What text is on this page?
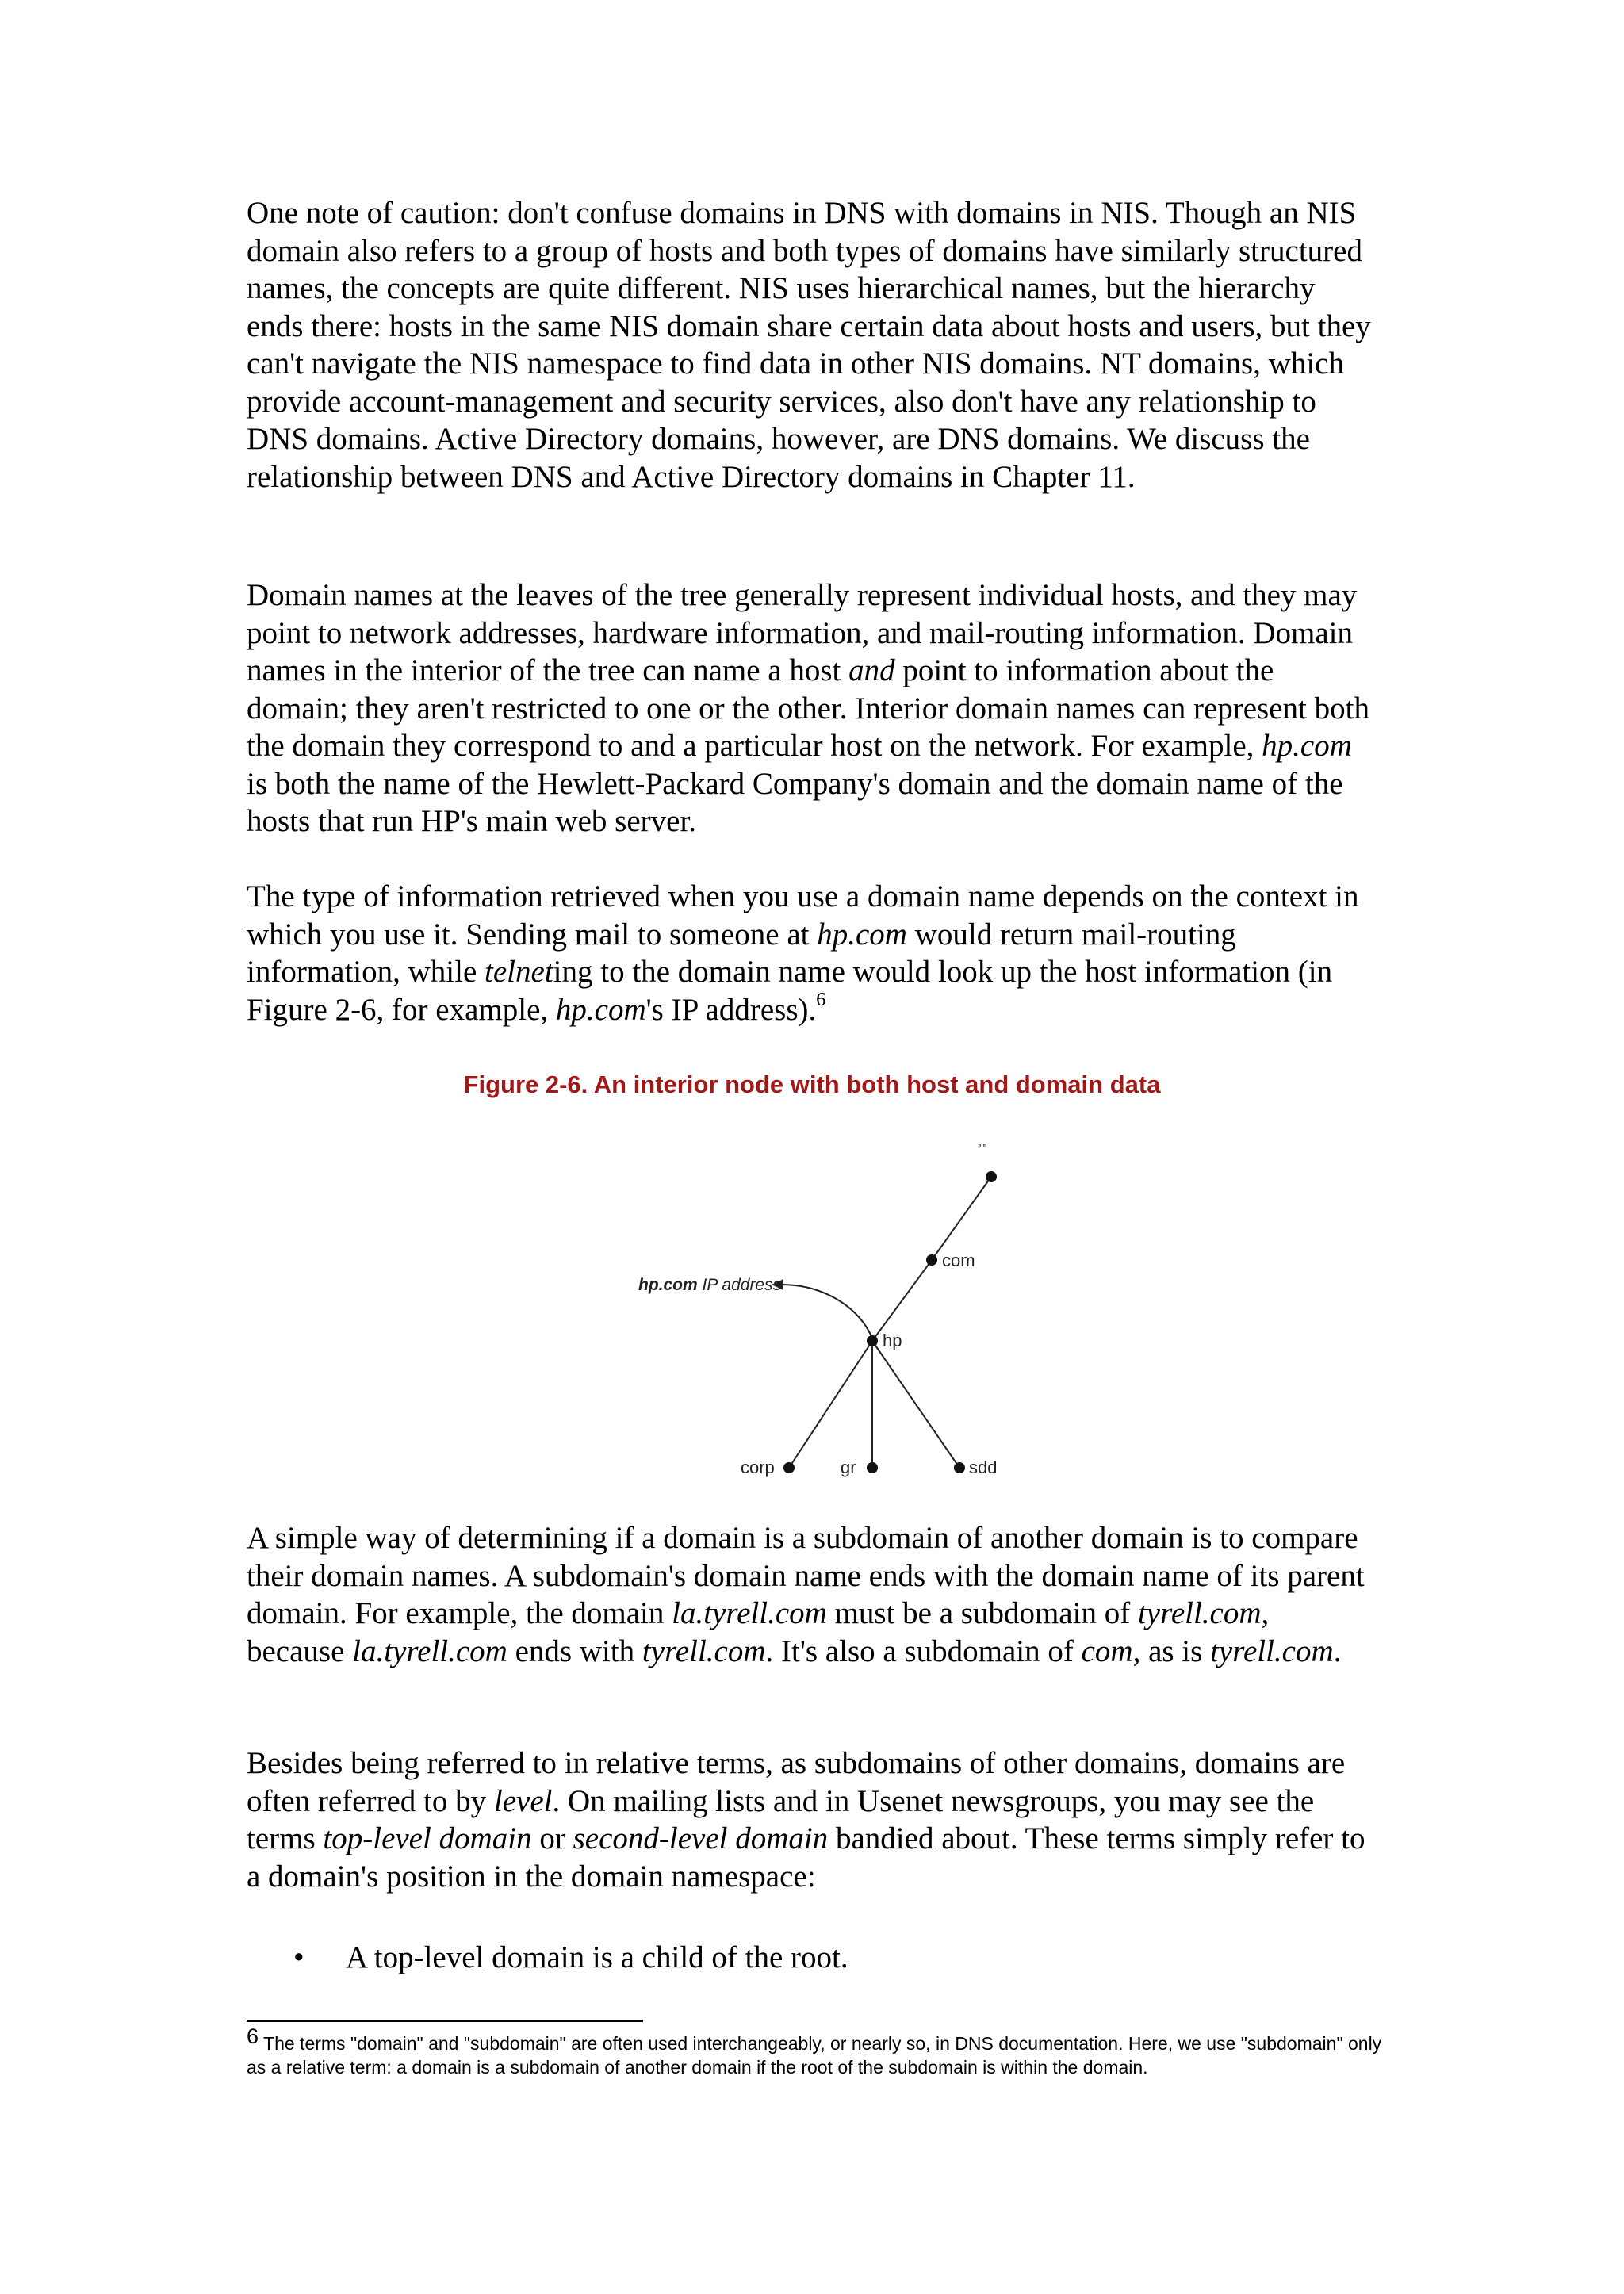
One note of caution: don't confuse domains in DNS with domains in NIS. Though an NIS domain also refers to a group of hosts and both types of domains have similarly structured names, the concepts are quite different. NIS uses hierarchical names, but the hierarchy ends there: hosts in the same NIS domain share certain data about hosts and users, but they can't navigate the NIS namespace to find data in other NIS domains. NT domains, which provide account-management and security services, also don't have any relationship to DNS domains. Active Directory domains, however, are DNS domains. We discuss the relationship between DNS and Active Directory domains in Chapter 11.

Domain names at the leaves of the tree generally represent individual hosts, and they may point to network addresses, hardware information, and mail-routing information. Domain names in the interior of the tree can name a host and point to information about the domain; they aren't restricted to one or the other. Interior domain names can represent both the domain they correspond to and a particular host on the network. For example, hp.com is both the name of the Hewlett-Packard Company's domain and the domain name of the hosts that run HP's main web server.

The type of information retrieved when you use a domain name depends on the context in which you use it. Sending mail to someone at hp.com would return mail-routing information, while telneting to the domain name would look up the host information (in Figure 2-6, for example, hp.com's IP address).$^6$

Figure 2-6. An interior node with both host and domain data
""
com
hp
corp	gr	sdd
hp.com IP address

A simple way of determining if a domain is a subdomain of another domain is to compare their domain names. A subdomain's domain name ends with the domain name of its parent domain. For example, the domain la.tyrell.com must be a subdomain of tyrell.com, because la.tyrell.com ends with tyrell.com. It's also a subdomain of com, as is tyrell.com.

Besides being referred to in relative terms, as subdomains of other domains, domains are often referred to by level. On mailing lists and in Usenet newsgroups, you may see the terms top-level domain or second-level domain bandied about. These terms simply refer to a domain's position in the domain namespace:

• A top-level domain is a child of the root.
6 The terms "domain" and "subdomain" are often used interchangeably, or nearly so, in DNS documentation. Here, we use "subdomain" only as a relative term: a domain is a subdomain of another domain if the root of the subdomain is within the domain.
